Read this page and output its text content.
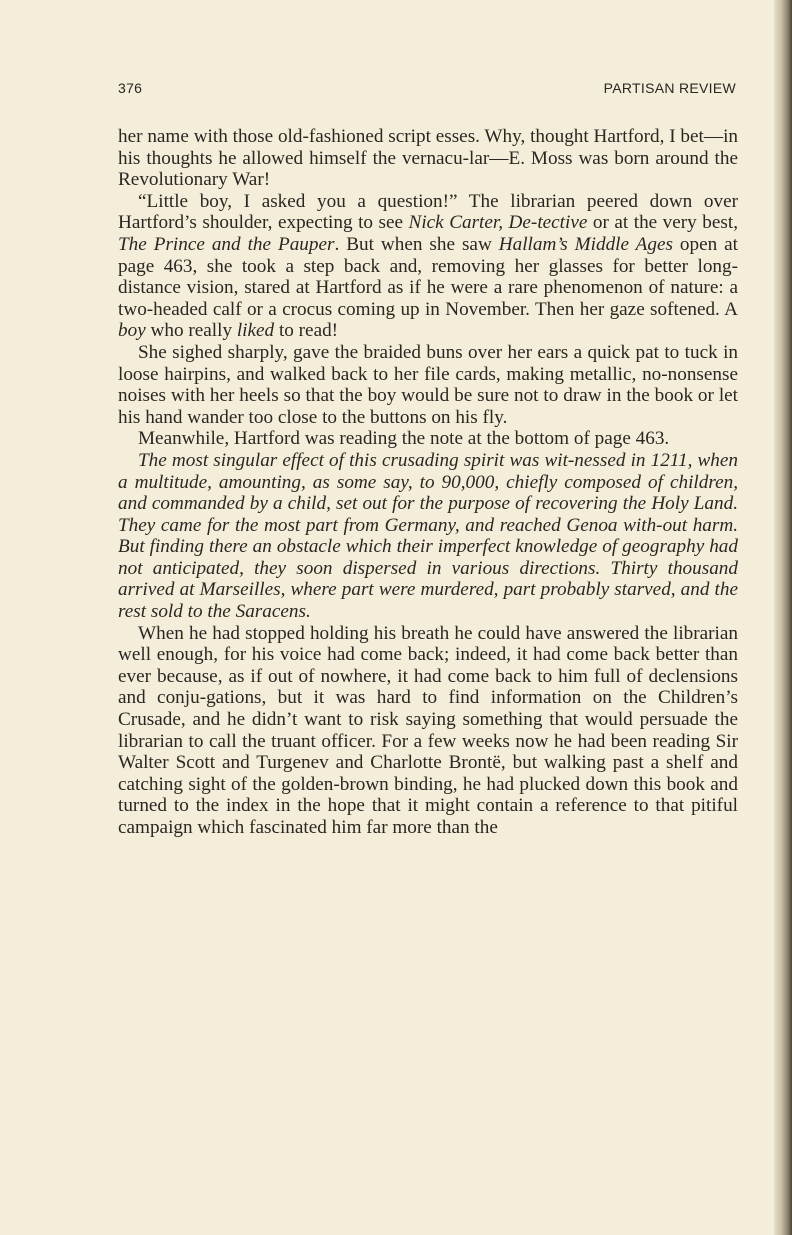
376	PARTISAN REVIEW

her name with those old-fashioned script esses. Why, thought Hartford, I bet—in his thoughts he allowed himself the vernacu-lar—E. Moss was born around the Revolutionary War!

“Little boy, I asked you a question!” The librarian peered down over Hartford’s shoulder, expecting to see Nick Carter, De-tective or at the very best, The Prince and the Pauper. But when she saw Hallam’s Middle Ages open at page 463, she took a step back and, removing her glasses for better long-distance vision, stared at Hartford as if he were a rare phenomenon of nature: a two-headed calf or a crocus coming up in November. Then her gaze softened. A boy who really liked to read!

She sighed sharply, gave the braided buns over her ears a quick pat to tuck in loose hairpins, and walked back to her file cards, making metallic, no-nonsense noises with her heels so that the boy would be sure not to draw in the book or let his hand wander too close to the buttons on his fly.

Meanwhile, Hartford was reading the note at the bottom of page 463.

The most singular effect of this crusading spirit was wit-nessed in 1211, when a multitude, amounting, as some say, to 90,000, chiefly composed of children, and commanded by a child, set out for the purpose of recovering the Holy Land. They came for the most part from Germany, and reached Genoa with-out harm. But finding there an obstacle which their imperfect knowledge of geography had not anticipated, they soon dispersed in various directions. Thirty thousand arrived at Marseilles, where part were murdered, part probably starved, and the rest sold to the Saracens.

When he had stopped holding his breath he could have answered the librarian well enough, for his voice had come back; indeed, it had come back better than ever because, as if out of nowhere, it had come back to him full of declensions and conju-gations, but it was hard to find information on the Children’s Crusade, and he didn’t want to risk saying something that would persuade the librarian to call the truant officer. For a few weeks now he had been reading Sir Walter Scott and Turgenev and Charlotte Brontë, but walking past a shelf and catching sight of the golden-brown binding, he had plucked down this book and turned to the index in the hope that it might contain a reference to that pitiful campaign which fascinated him far more than the
